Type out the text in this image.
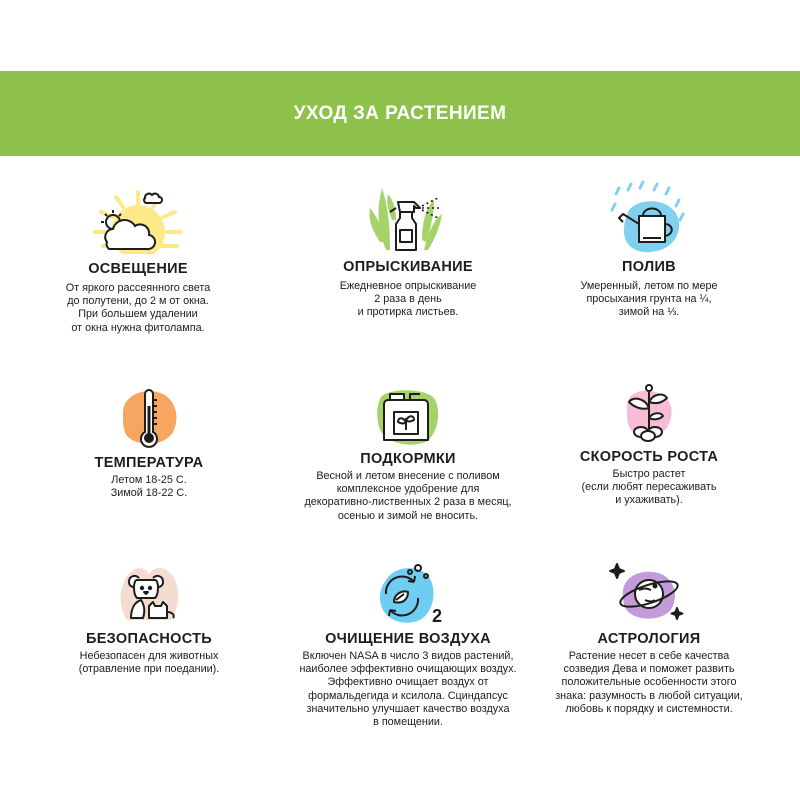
УХОД ЗА РАСТЕНИЕМ
ОСВЕЩЕНИЕ

От яркого рассеянного света
до полутени, до 2 м от окна.
При большем удалении
от окна нужна фитолампа.

ОПРЫСКИВАНИЕ

Ежедневное опрыскивание
2 раза в день
и протирка листьев.

ПОЛИВ

Умеренный, летом по мере
просыхания грунта на ¼,
зимой на ⅓.

ТЕМПЕРАТУРА

Летом 18-25 С.
Зимой 18-22 С.

ПОДКОРМКИ

Весной и летом внесение с поливом
комплексное удобрение для
декоративно-лиственных 2 раза в месяц,
осенью и зимой не вносить.

СКОРОСТЬ РОСТА

Быстро растет
(если любят пересаживать
и ухаживать).

БЕЗОПАСНОСТЬ

Небезопасен для животных
(отравление при поедании).

2
ОЧИЩЕНИЕ ВОЗДУХА

Включен NASA в число 3 видов растений,
наиболее эффективно очищающих воздух.
Эффективно очищает воздух от
формальдегида и ксилола. Сциндапсус
значительно улучшает качество воздуха
в помещении.

АСТРОЛОГИЯ

Растение несет в себе качества
созведия Дева и поможет развить
положительные особенности этого
знака: разумность в любой ситуации,
любовь к порядку и системности.
